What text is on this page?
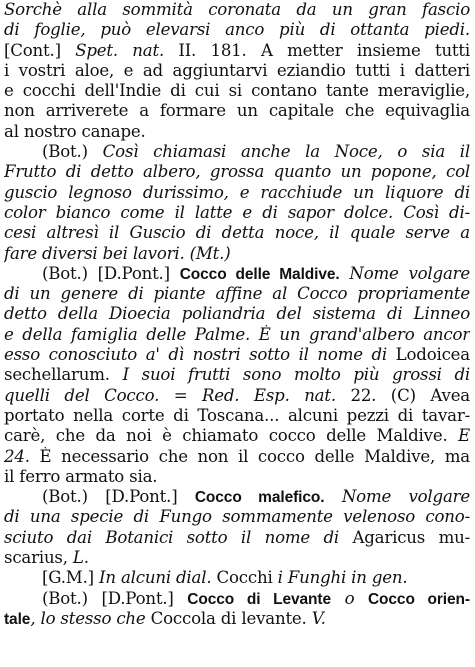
Sorchè alla sommità coronata da un gran fascio
di foglie, può elevarsi anco più di ottanta piedi.
[Cont.] Spet. nat. II. 181. A metter insieme tutti
i vostri aloe, e ad aggiuntarvi eziandio tutti i datteri
e cocchi dell'Indie di cui si contano tante meraviglie,
non arriverete a formare un capitale che equivaglia
al nostro canape.
(Bot.) Così chiamasi anche la Noce, o sia il
Frutto di detto albero, grossa quanto un popone, col
guscio legnoso durissimo, e racchiude un liquore di
color bianco come il latte e di sapor dolce. Così di-
cesi altresì il Guscio di detta noce, il quale serve a
fare diversi bei lavori. (Mt.)
(Bot.) [D.Pont.] Cocco delle Maldive. Nome volgare
di un genere di piante affine al Cocco propriamente
detto della Dioecia poliandria del sistema di Linneo
e della famiglia delle Palme. È un grand'albero ancor
esso conosciuto a' dì nostri sotto il nome di Lodoicea
sechellarum. I suoi frutti sono molto più grossi di
quelli del Cocco. = Red. Esp. nat. 22. (C) Avea
portato nella corte di Toscana... alcuni pezzi di tavar-
carè, che da noi è chiamato cocco delle Maldive. E
24. È necessario che non il cocco delle Maldive, ma
il ferro armato sia.
(Bot.) [D.Pont.] Cocco malefico. Nome volgare
di una specie di Fungo sommamente velenoso cono-
sciuto dai Botanici sotto il nome di Agaricus mu-
scarius, L.
[G.M.] In alcuni dial. Cocchi i Funghi in gen.
(Bot.) [D.Pont.] Cocco di Levante o Cocco orien-
tale, lo stesso che Coccola di levante. V.
